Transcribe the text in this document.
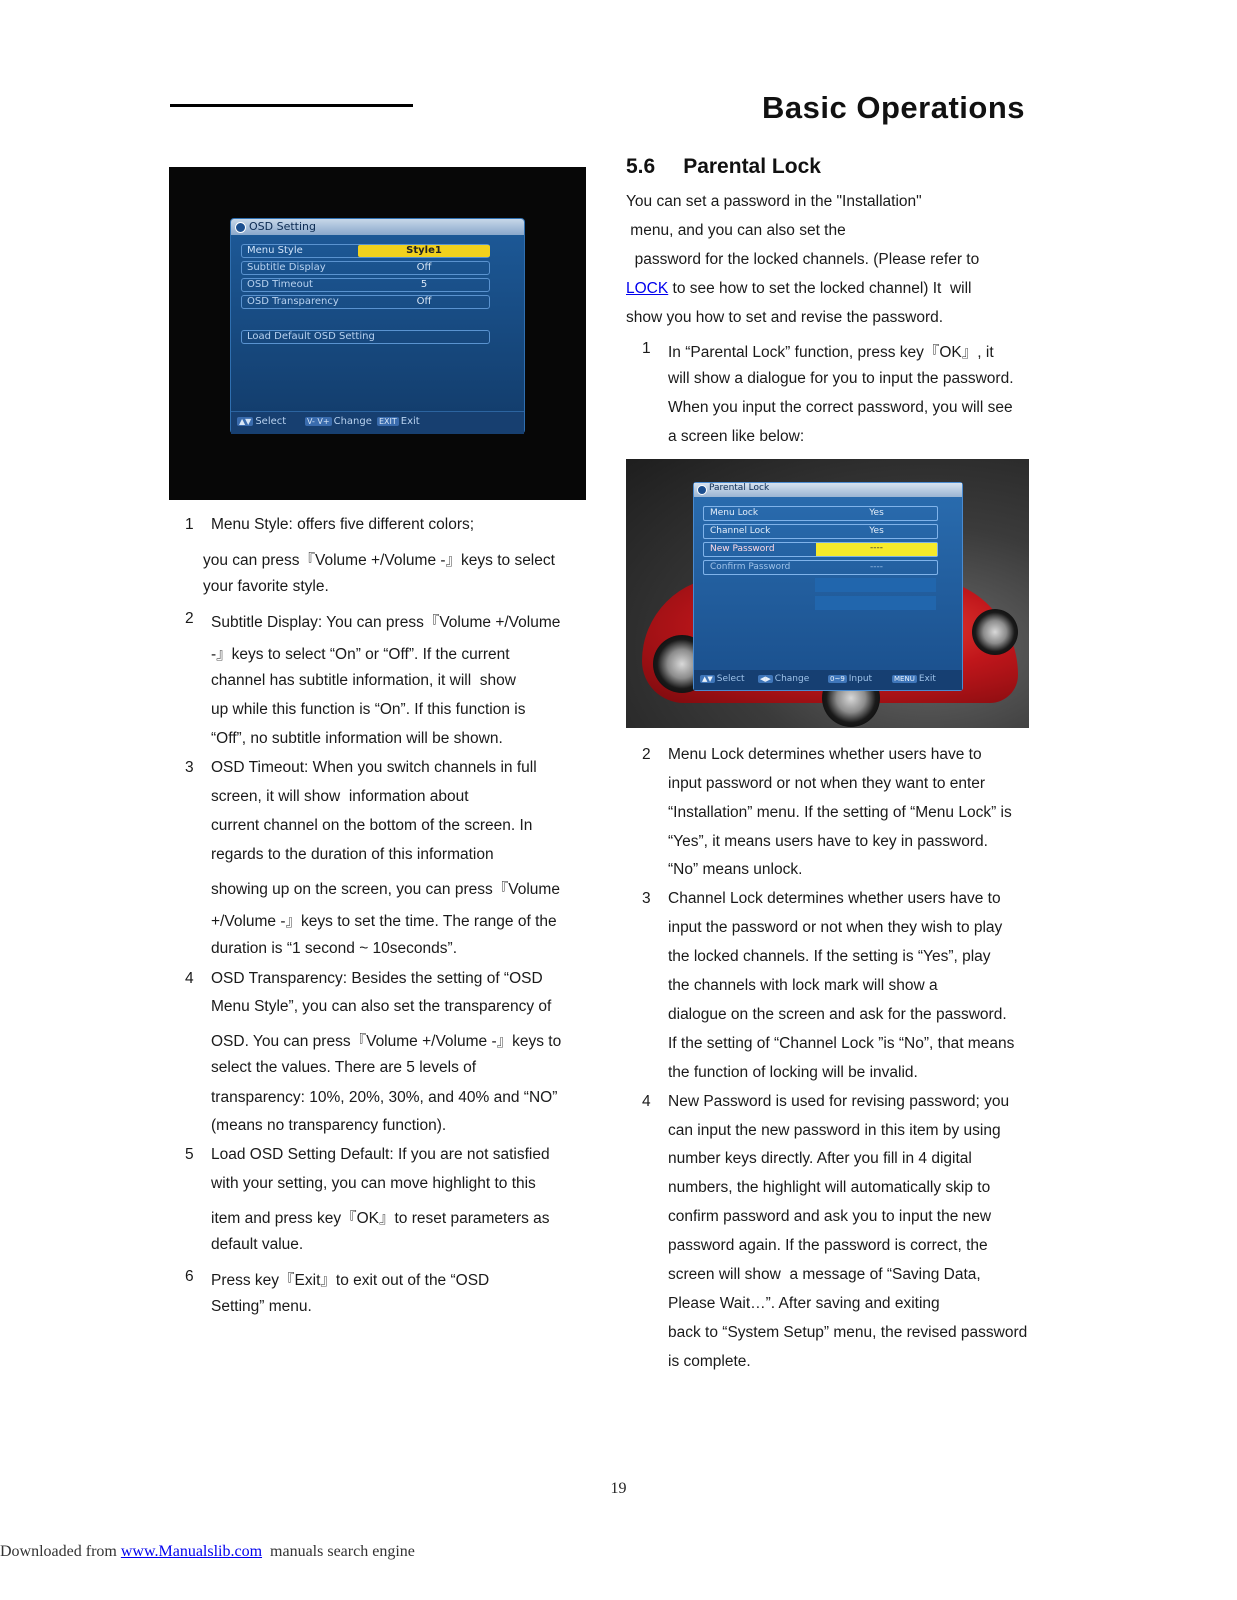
Basic Operations
OSD Setting
Menu Style	Style1
Subtitle Display	Off
OSD Timeout	5
OSD Transparency	Off
Load Default OSD Setting
▲▼ Select	V- V+ Change EXIT Exit
1 Menu Style: offers five different colors;
you can press『Volume +/Volume -』keys to select
your favorite style.
2 Subtitle Display: You can press『Volume +/Volume
-』keys to select “On” or “Off”. If the current
channel has subtitle information, it will  show
up while this function is “On”. If this function is
“Off”, no subtitle information will be shown.
3 OSD Timeout: When you switch channels in full
screen, it will show  information about
current channel on the bottom of the screen. In
regards to the duration of this information
showing up on the screen, you can press『Volume
+/Volume -』keys to set the time. The range of the
duration is “1 second ~ 10seconds”.
4 OSD Transparency: Besides the setting of “OSD
Menu Style”, you can also set the transparency of
OSD. You can press『Volume +/Volume -』keys to
select the values. There are 5 levels of
transparency: 10%, 20%, 30%, and 40% and “NO”
(means no transparency function).
5 Load OSD Setting Default: If you are not satisfied
with your setting, you can move highlight to this
item and press key『OK』to reset parameters as
default value.
6 Press key『Exit』to exit out of the “OSD
Setting” menu.
5.6 Parental Lock
You can set a password in the "Installation"
menu, and you can also set the
password for the locked channels. (Please refer to
LOCK to see how to set the locked channel) It  will
show you how to set and revise the password.
Parental Lock
Menu Lock	Yes
Channel Lock	Yes
New Password	----
Confirm Password	----
▲▼ Select ◀▶ Change	0~9 Input	MENU Exit
1 In “Parental Lock” function, press key『OK』, it
will show a dialogue for you to input the password.
When you input the correct password, you will see
a screen like below:
2 Menu Lock determines whether users have to
input password or not when they want to enter
“Installation” menu. If the setting of “Menu Lock” is
“Yes”, it means users have to key in password.
“No” means unlock.
3 Channel Lock determines whether users have to
input the password or not when they wish to play
the locked channels. If the setting is “Yes”, play
the channels with lock mark will show a
dialogue on the screen and ask for the password.
If the setting of “Channel Lock ”is “No”, that means
the function of locking will be invalid.
4 New Password is used for revising password; you
can input the new password in this item by using
number keys directly. After you fill in 4 digital
numbers, the highlight will automatically skip to
confirm password and ask you to input the new
password again. If the password is correct, the
screen will show  a message of “Saving Data,
Please Wait…”. After saving and exiting
back to “System Setup” menu, the revised password
is complete.
19
Downloaded from www.Manualslib.com  manuals search engine
